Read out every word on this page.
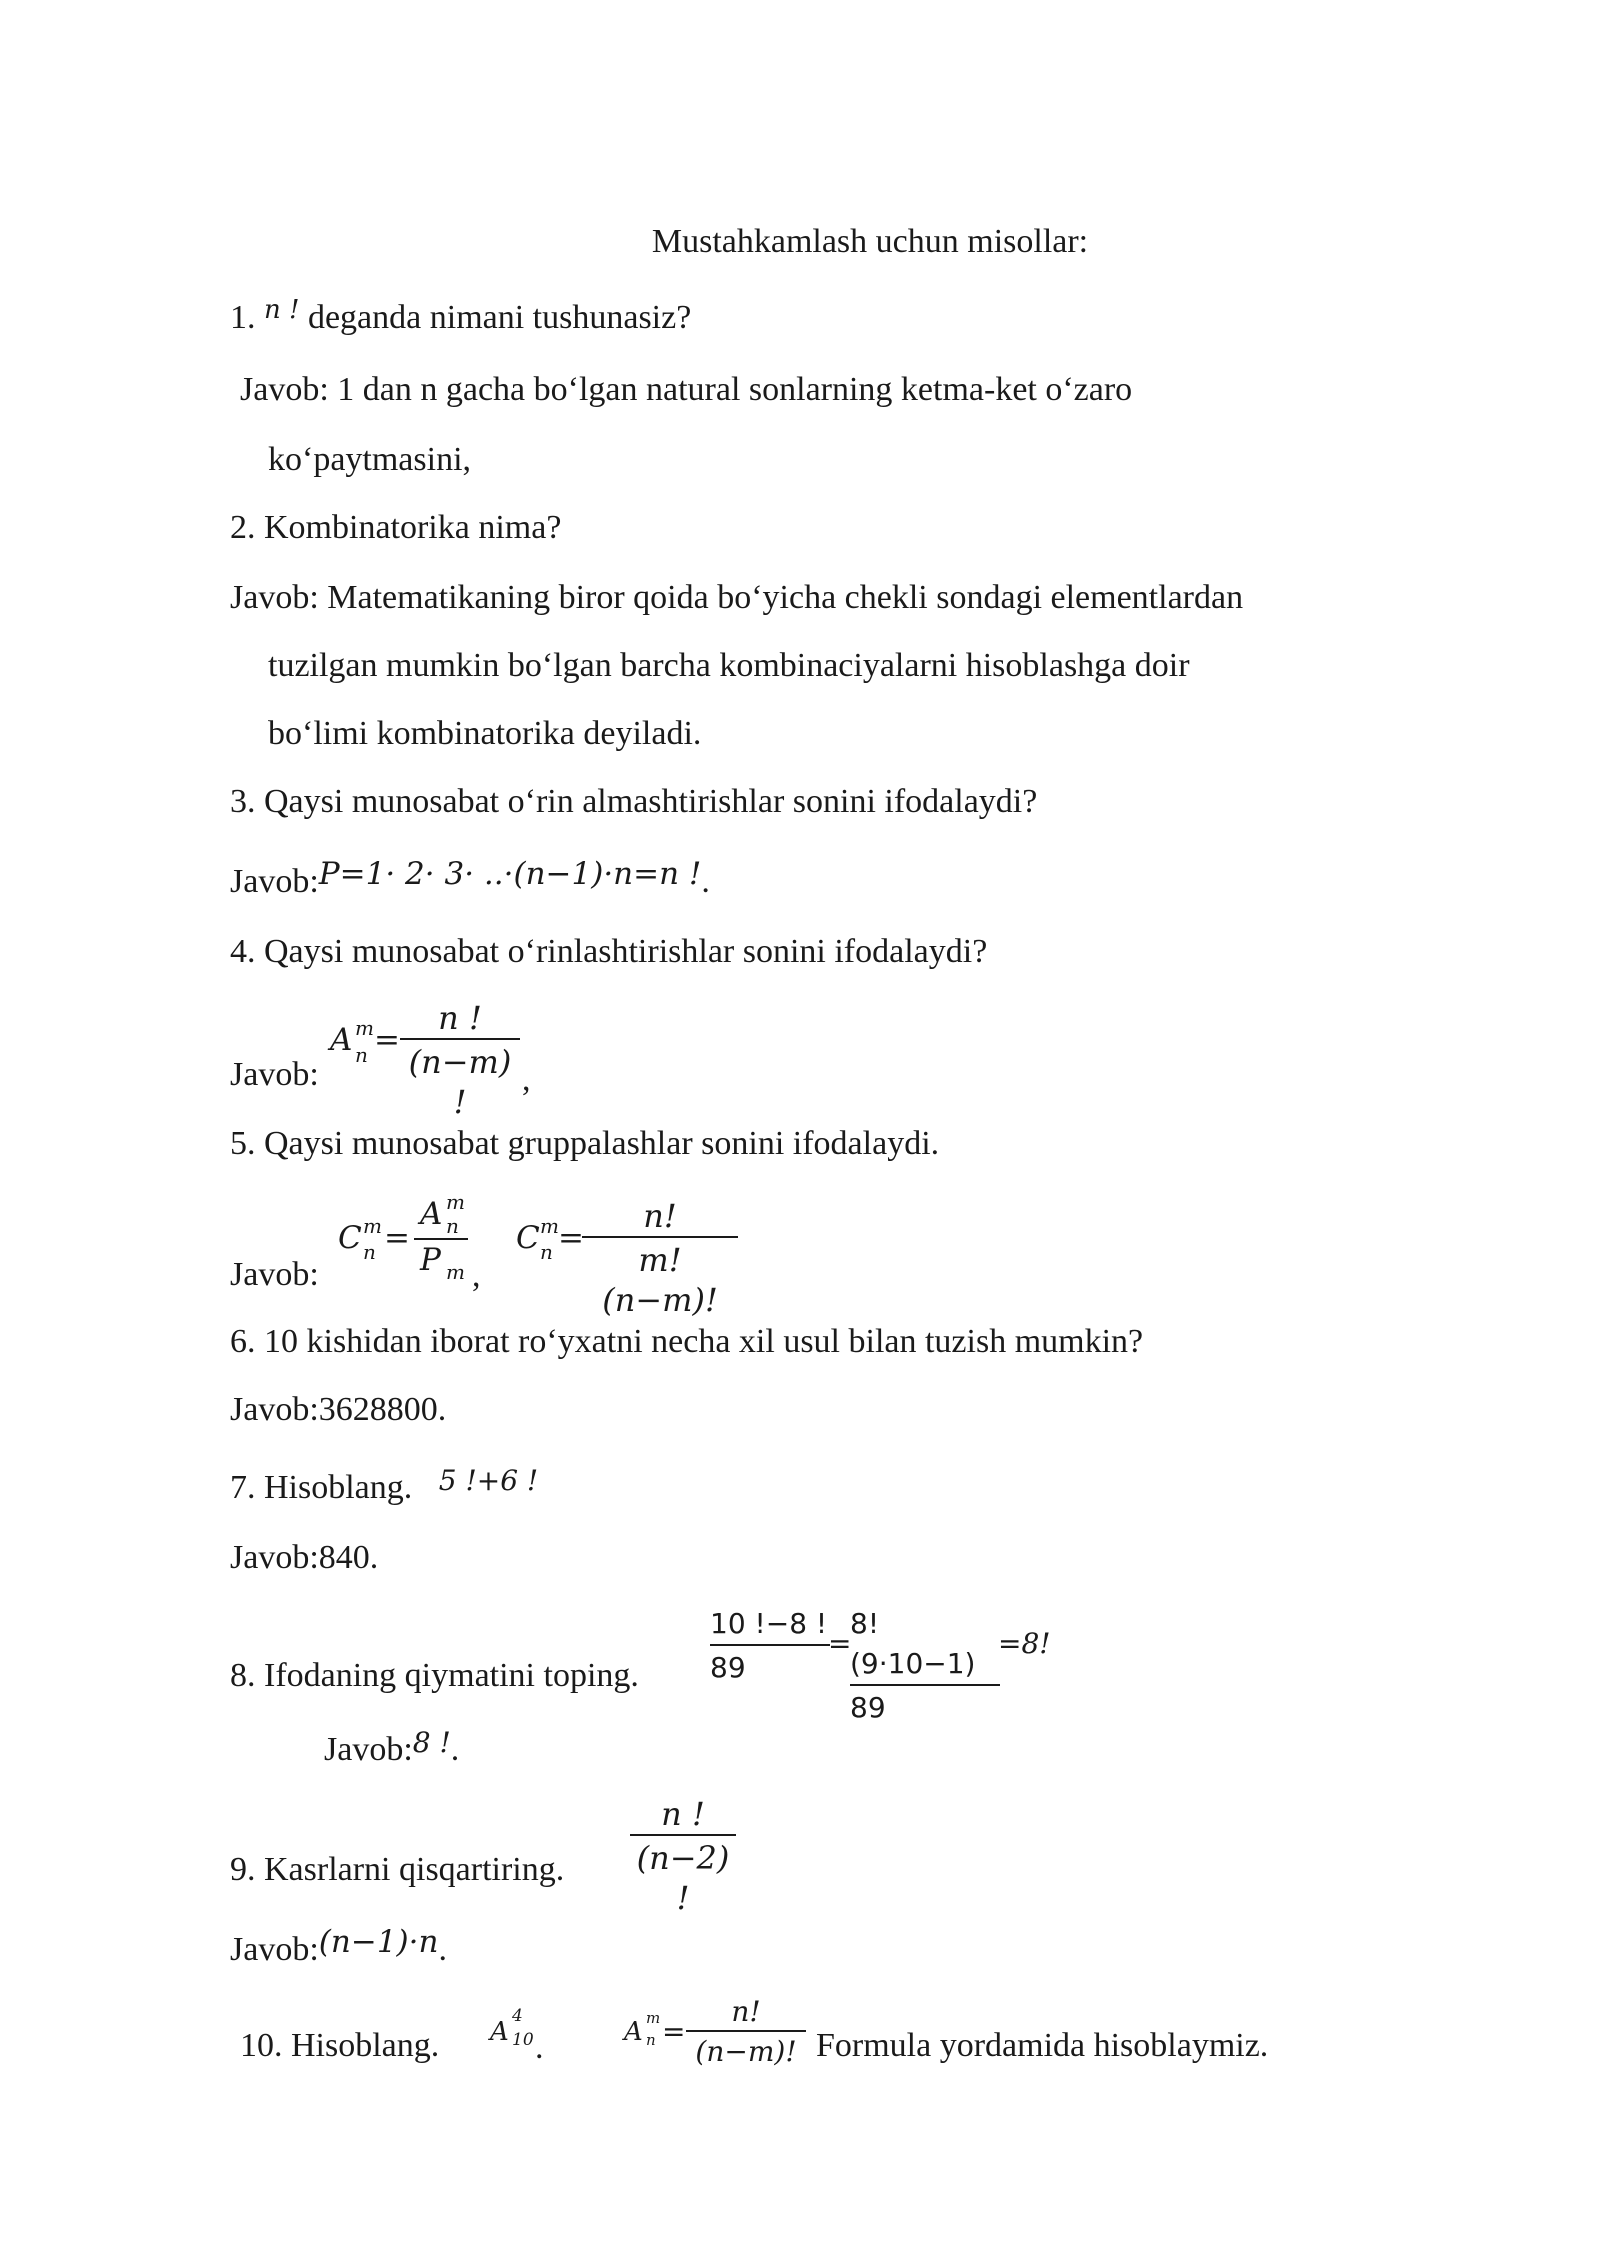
Mustahkamlash uchun misollar:
1. $^{n !}$ deganda nimani tushunasiz?
Javob: 1 dan n gacha bo‘lgan natural sonlarning ketma-ket o‘zaro
ko‘paytmasini,
2. Kombinatorika nima?
Javob: Matematikaning biror qoida bo‘yicha chekli sondagi elementlardan
tuzilgan mumkin bo‘lgan barcha kombinaciyalarni hisoblashga doir
bo‘limi kombinatorika deyiladi.
3. Qaysi munosabat o‘rin almashtirishlar sonini ifodalaydi?
Javob:P=1· 2· 3· ..·(n−1)·n=n !.
4. Qaysi munosabat o‘rinlashtirishlar sonini ifodalaydi?
Javob:
A m
$n = \frac{n !}{(n-m) !}$ ,
5. Qaysi munosabat gruppalashlar sonini ifodalaydi.
Javob:
C m
n =
A m
n
P m ,
C m
n =
$\frac{n!}{m!(n-m)!}$
6. 10 kishidan iborat ro‘yxatni necha xil usul bilan tuzish mumkin?
Javob:3628800.
7. Hisoblang. $^{5 !+6 !}$
Javob:840.
8. Ifodaning qiymatini toping.	$\frac{10 !-8 !}{89}$
=
$\frac{8!(9\cdot 10-1)}{89}$
=8!
Javob:$^{8 !}$.
9. Kasrlarni qisqartiring. $\frac{n !}{(n-2) !}$
Javob:(n−1)·n.
10. Hisoblang. A
4
10 .	A m
$n = \frac{n!}{(n-m)!}$ Formula yordamida hisoblaymiz.
